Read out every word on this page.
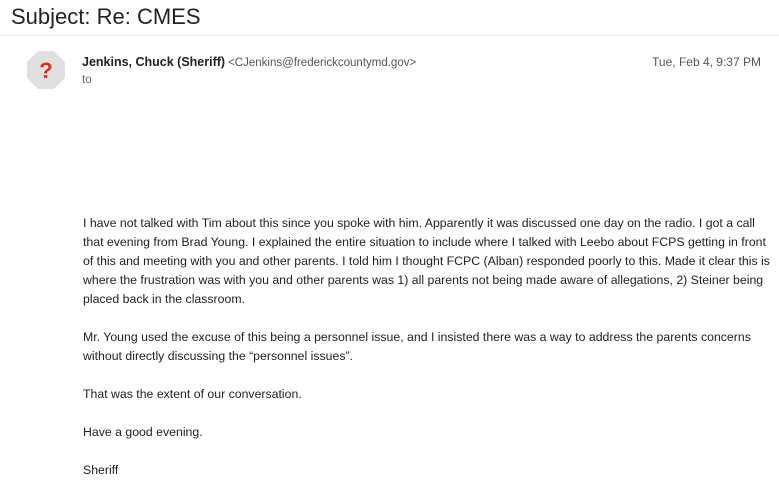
Subject: Re: CMES
? Jenkins, Chuck (Sheriff) <CJenkins@frederickcountymd.gov>
to
Tue, Feb 4, 9:37 PM

I have not talked with Tim about this since you spoke with him. Apparently it was discussed one day on the radio. I got a call that evening from Brad Young. I explained the entire situation to include where I talked with Leebo about FCPS getting in front of this and meeting with you and other parents. I told him I thought FCPC (Alban) responded poorly to this. Made it clear this is where the frustration was with you and other parents was 1) all parents not being made aware of allegations, 2) Steiner being placed back in the classroom.

Mr. Young used the excuse of this being a personnel issue, and I insisted there was a way to address the parents concerns without directly discussing the “personnel issues”.

That was the extent of our conversation.

Have a good evening.

Sheriff
